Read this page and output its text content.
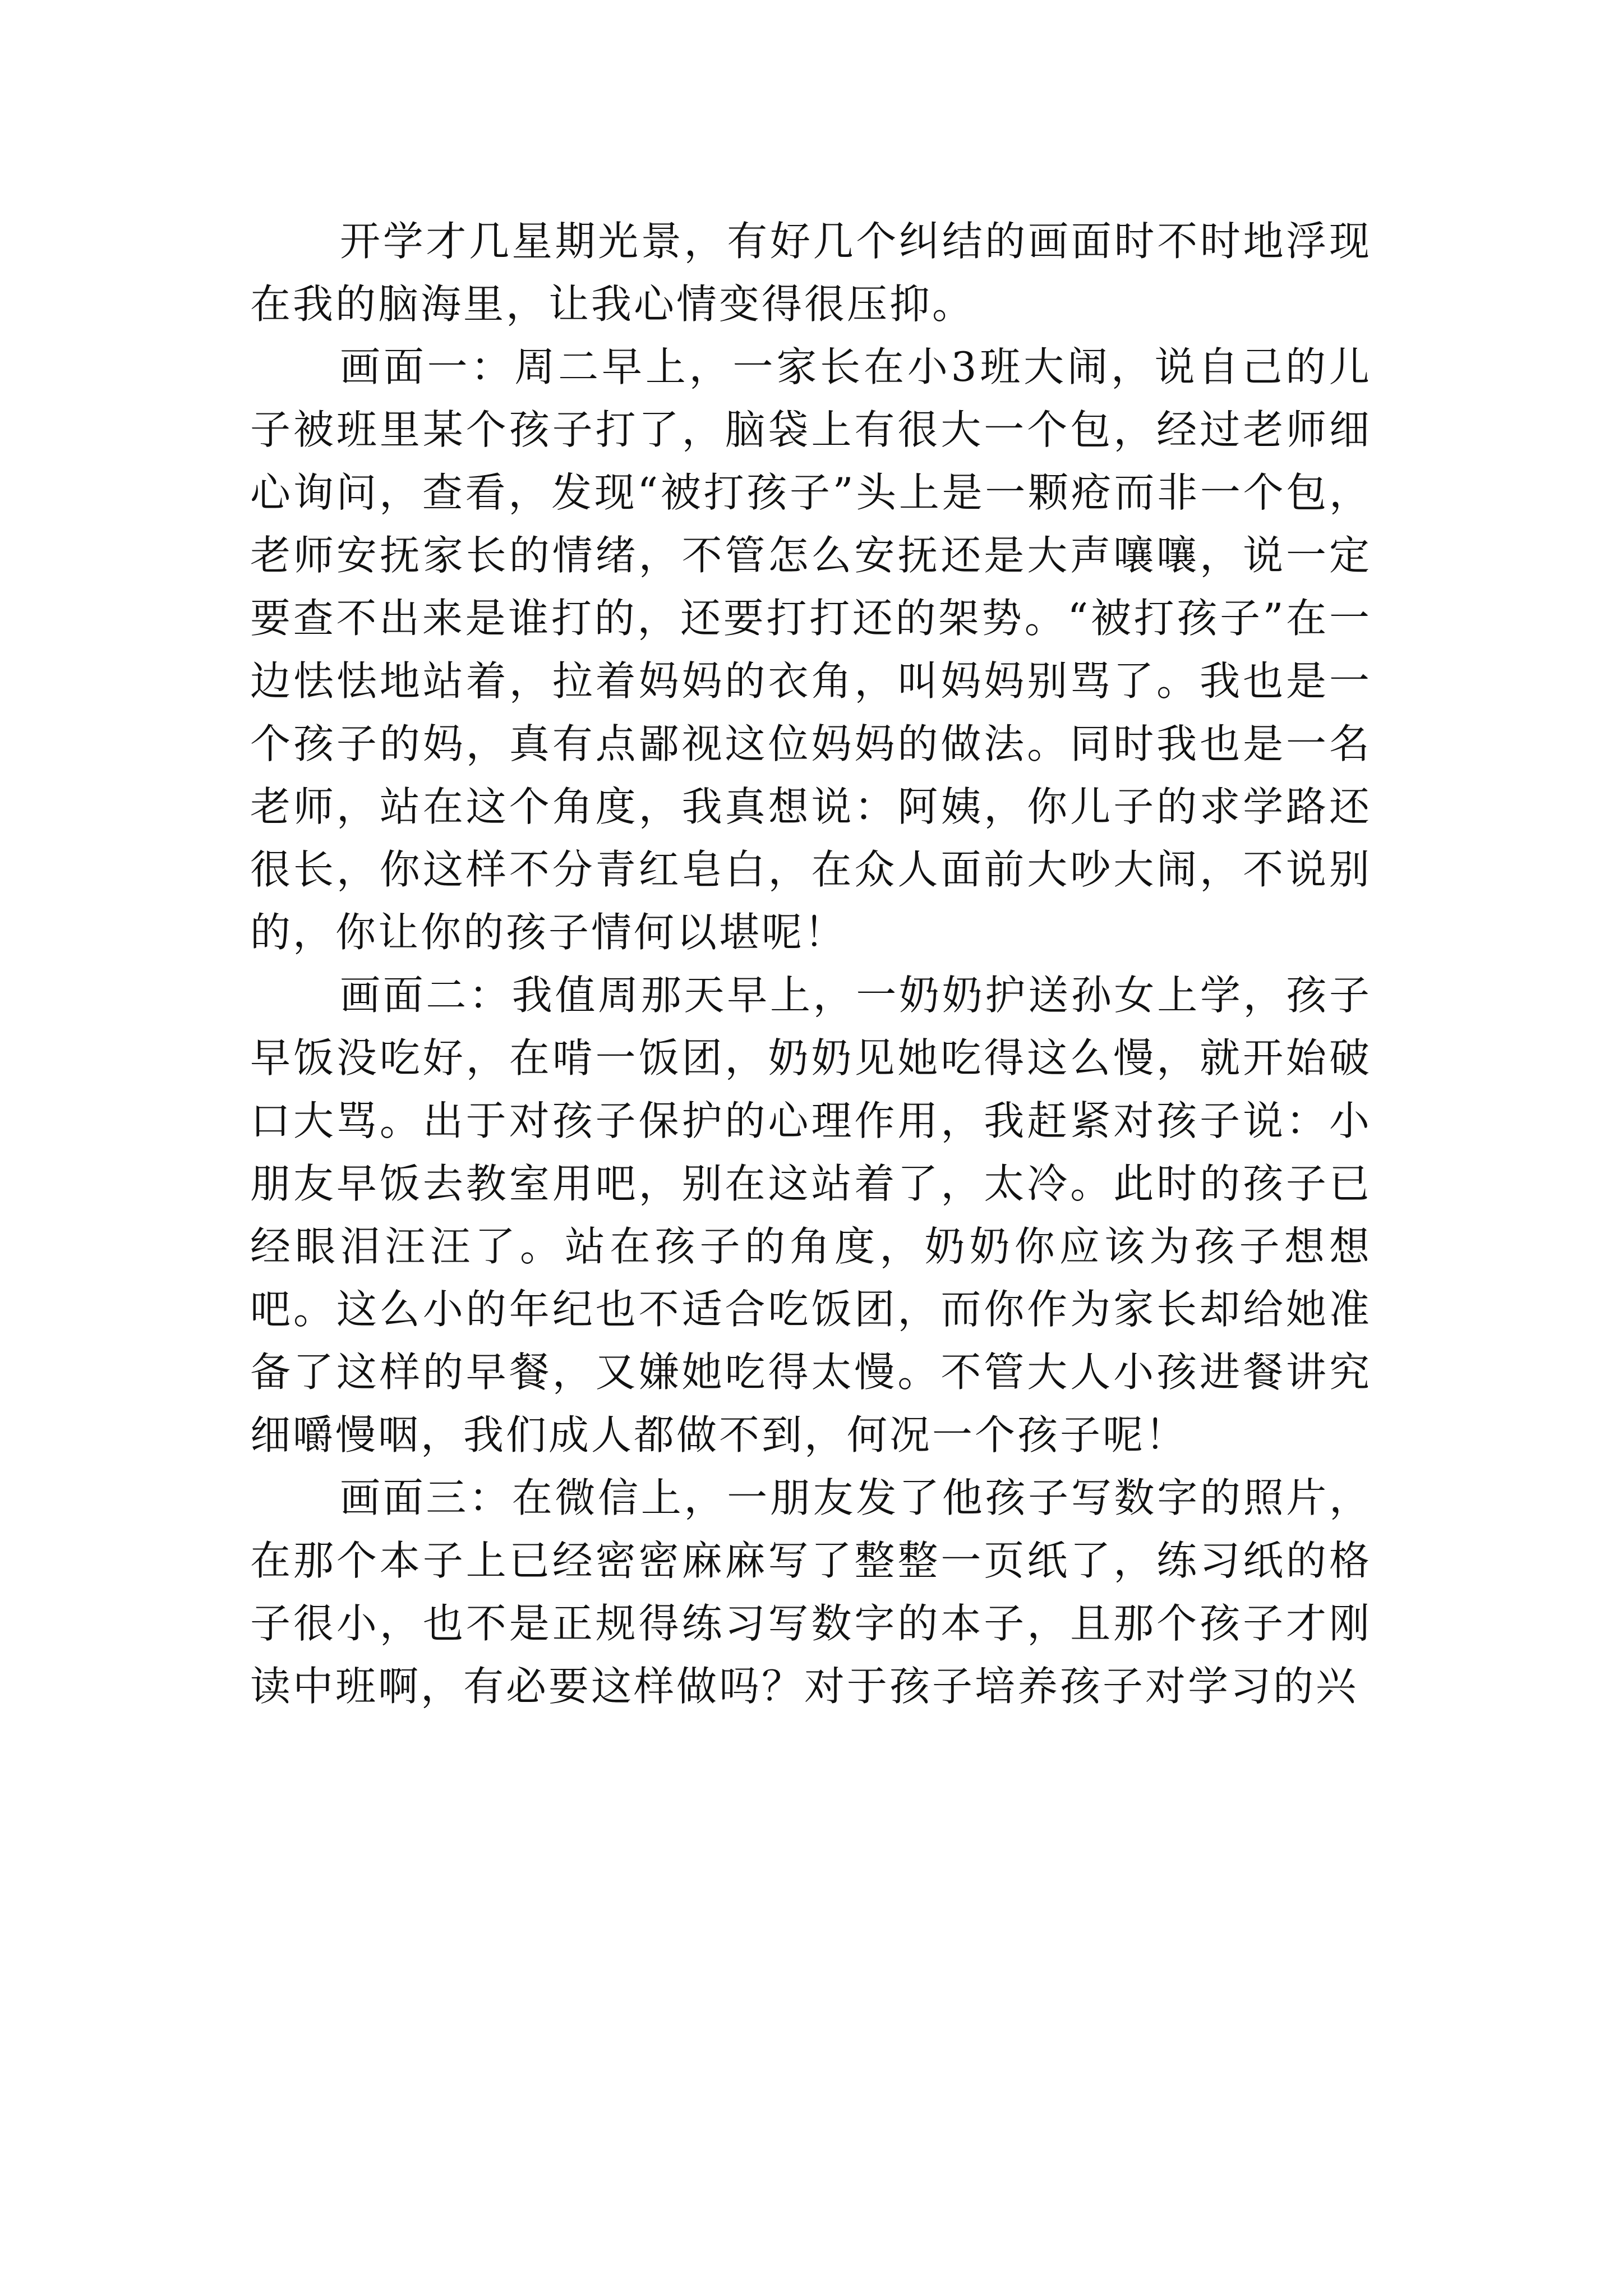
开学才几星期光景，有好几个纠结的画面时不时地浮现在我的脑海里，让我心情变得很压抑。

画面一：周二早上，一家长在小3班大闹，说自己的儿子被班里某个孩子打了，脑袋上有很大一个包，经过老师细心询问，查看，发现“被打孩子”头上是一颗疮而非一个包，老师安抚家长的情绪，不管怎么安抚还是大声嚷嚷，说一定要查不出来是谁打的，还要打打还的架势。“被打孩子”在一边怯怯地站着，拉着妈妈的衣角，叫妈妈别骂了。我也是一个孩子的妈，真有点鄙视这位妈妈的做法。同时我也是一名老师，站在这个角度，我真想说：阿姨，你儿子的求学路还很长，你这样不分青红皂白，在众人面前大吵大闹，不说别的，你让你的孩子情何以堪呢！

画面二：我值周那天早上，一奶奶护送孙女上学，孩子早饭没吃好，在啃一饭团，奶奶见她吃得这么慢，就开始破口大骂。出于对孩子保护的心理作用，我赶紧对孩子说：小朋友早饭去教室用吧，别在这站着了，太冷。此时的孩子已经眼泪汪汪了。站在孩子的角度，奶奶你应该为孩子想想吧。这么小的年纪也不适合吃饭团，而你作为家长却给她准备了这样的早餐，又嫌她吃得太慢。不管大人小孩进餐讲究细嚼慢咽，我们成人都做不到，何况一个孩子呢！

画面三：在微信上，一朋友发了他孩子写数字的照片，在那个本子上已经密密麻麻写了整整一页纸了，练习纸的格子很小，也不是正规得练习写数字的本子，且那个孩子才刚读中班啊，有必要这样做吗？对于孩子培养孩子对学习的兴
